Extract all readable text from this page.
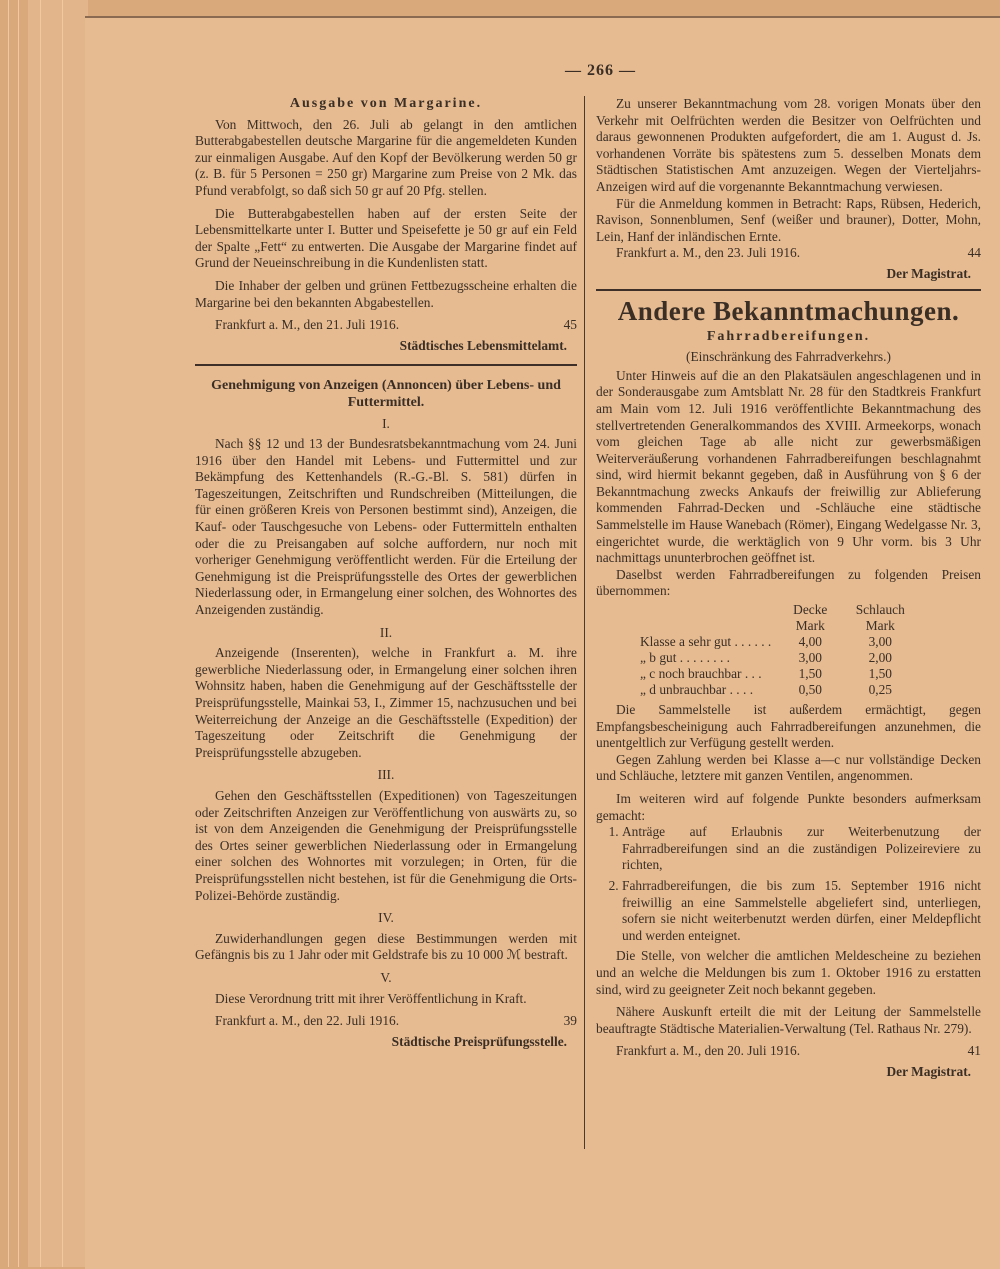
— 266 —
Ausgabe von Margarine.

Von Mittwoch, den 26. Juli ab gelangt in den amtlichen Butterabgabestellen deutsche Margarine für die angemeldeten Kunden zur einmaligen Ausgabe. Auf den Kopf der Bevölkerung werden 50 gr (z. B. für 5 Personen = 250 gr) Margarine zum Preise von 2 Mk. das Pfund verabfolgt, so daß sich 50 gr auf 20 Pfg. stellen.

Die Butterabgabestellen haben auf der ersten Seite der Lebensmittelkarte unter I. Butter und Speisefette je 50 gr auf ein Feld der Spalte „Fett“ zu entwerten. Die Ausgabe der Margarine findet auf Grund der Neueinschreibung in die Kundenlisten statt.

Die Inhaber der gelben und grünen Fettbezugsscheine erhalten die Margarine bei den bekannten Abgabestellen.

Frankfurt a. M., den 21. Juli 1916.	45
Städtisches Lebensmittelamt.
Genehmigung von Anzeigen (Annoncen) über Lebens- und Futtermittel.
I.

Nach §§ 12 und 13 der Bundesratsbekanntmachung vom 24. Juni 1916 über den Handel mit Lebens- und Futtermittel und zur Bekämpfung des Kettenhandels (R.-G.-Bl. S. 581) dürfen in Tageszeitungen, Zeitschriften und Rundschreiben (Mitteilungen, die für einen größeren Kreis von Personen bestimmt sind), Anzeigen, die Kauf- oder Tauschgesuche von Lebens- oder Futtermitteln enthalten oder die zu Preisangaben auf solche auffordern, nur noch mit vorheriger Genehmigung veröffentlicht werden. Für die Erteilung der Genehmigung ist die Preisprüfungsstelle des Ortes der gewerblichen Niederlassung oder, in Ermangelung einer solchen, des Wohnortes des Anzeigenden zuständig.

II.

Anzeigende (Inserenten), welche in Frankfurt a. M. ihre gewerbliche Niederlassung oder, in Ermangelung einer solchen ihren Wohnsitz haben, haben die Genehmigung auf der Geschäftsstelle der Preisprüfungsstelle, Mainkai 53, I., Zimmer 15, nachzusuchen und bei Weiterreichung der Anzeige an die Geschäftsstelle (Expedition) der Tageszeitung oder Zeitschrift die Genehmigung der Preisprüfungsstelle abzugeben.

III.

Gehen den Geschäftsstellen (Expeditionen) von Tageszeitungen oder Zeitschriften Anzeigen zur Veröffentlichung von auswärts zu, so ist von dem Anzeigenden die Genehmigung der Preisprüfungsstelle des Ortes seiner gewerblichen Niederlassung oder in Ermangelung einer solchen des Wohnortes mit vorzulegen; in Orten, für die Preisprüfungsstellen nicht bestehen, ist für die Genehmigung die Orts-Polizei-Behörde zuständig.

IV.

Zuwiderhandlungen gegen diese Bestimmungen werden mit Gefängnis bis zu 1 Jahr oder mit Geldstrafe bis zu 10 000 ℳ bestraft.

V.

Diese Verordnung tritt mit ihrer Veröffentlichung in Kraft.

Frankfurt a. M., den 22. Juli 1916.	39
Städtische Preisprüfungsstelle.

Zu unserer Bekanntmachung vom 28. vorigen Monats über den Verkehr mit Oelfrüchten werden die Besitzer von Oelfrüchten und daraus gewonnenen Produkten aufgefordert, die am 1. August d. Js. vorhandenen Vorräte bis spätestens zum 5. desselben Monats dem Städtischen Statistischen Amt anzuzeigen. Wegen der Vierteljahrs-Anzeigen wird auf die vorgenannte Bekanntmachung verwiesen.

Für die Anmeldung kommen in Betracht: Raps, Rübsen, Hederich, Ravison, Sonnenblumen, Senf (weißer und brauner), Dotter, Mohn, Lein, Hanf der inländischen Ernte.

Frankfurt a. M., den 23. Juli 1916.	44
Der Magistrat.
Andere Bekanntmachungen.
Fahrradbereifungen.
(Einschränkung des Fahrradverkehrs.)

Unter Hinweis auf die an den Plakatsäulen angeschlagenen und in der Sonderausgabe zum Amtsblatt Nr. 28 für den Stadtkreis Frankfurt am Main vom 12. Juli 1916 veröffentlichte Bekanntmachung des stellvertretenden Generalkommandos des XVIII. Armeekorps, wonach vom gleichen Tage ab alle nicht zur gewerbsmäßigen Weiterveräußerung vorhandenen Fahrradbereifungen beschlagnahmt sind, wird hiermit bekannt gegeben, daß in Ausführung von § 6 der Bekanntmachung zwecks Ankaufs der freiwillig zur Ablieferung kommenden Fahrrad-Decken und -Schläuche eine städtische Sammelstelle im Hause Wanebach (Römer), Eingang Wedelgasse Nr. 3, eingerichtet wurde, die werktäglich von 9 Uhr vorm. bis 3 Uhr nachmittags ununterbrochen geöffnet ist.

Daselbst werden Fahrradbereifungen zu folgenden Preisen übernommen:

	Decke Mark	Schlauch Mark
Klasse a sehr gut . . . . . .	4,00	3,00
„ b gut . . . . . . . .	3,00	2,00
„ c noch brauchbar . . .	1,50	1,50
„ d unbrauchbar . . . .	0,50	0,25

Die Sammelstelle ist außerdem ermächtigt, gegen Empfangsbescheinigung auch Fahrradbereifungen anzunehmen, die unentgeltlich zur Verfügung gestellt werden.

Gegen Zahlung werden bei Klasse a—c nur vollständige Decken und Schläuche, letztere mit ganzen Ventilen, angenommen.

Im weiteren wird auf folgende Punkte besonders aufmerksam gemacht:

1. Anträge auf Erlaubnis zur Weiterbenutzung der Fahrradbereifungen sind an die zuständigen Polizeireviere zu richten,
2. Fahrradbereifungen, die bis zum 15. September 1916 nicht freiwillig an eine Sammelstelle abgeliefert sind, unterliegen, sofern sie nicht weiterbenutzt werden dürfen, einer Meldepflicht und werden enteignet.

Die Stelle, von welcher die amtlichen Meldescheine zu beziehen und an welche die Meldungen bis zum 1. Oktober 1916 zu erstatten sind, wird zu geeigneter Zeit noch bekannt gegeben.

Nähere Auskunft erteilt die mit der Leitung der Sammelstelle beauftragte Städtische Materialien-Verwaltung (Tel. Rathaus Nr. 279).

Frankfurt a. M., den 20. Juli 1916.	41
Der Magistrat.
